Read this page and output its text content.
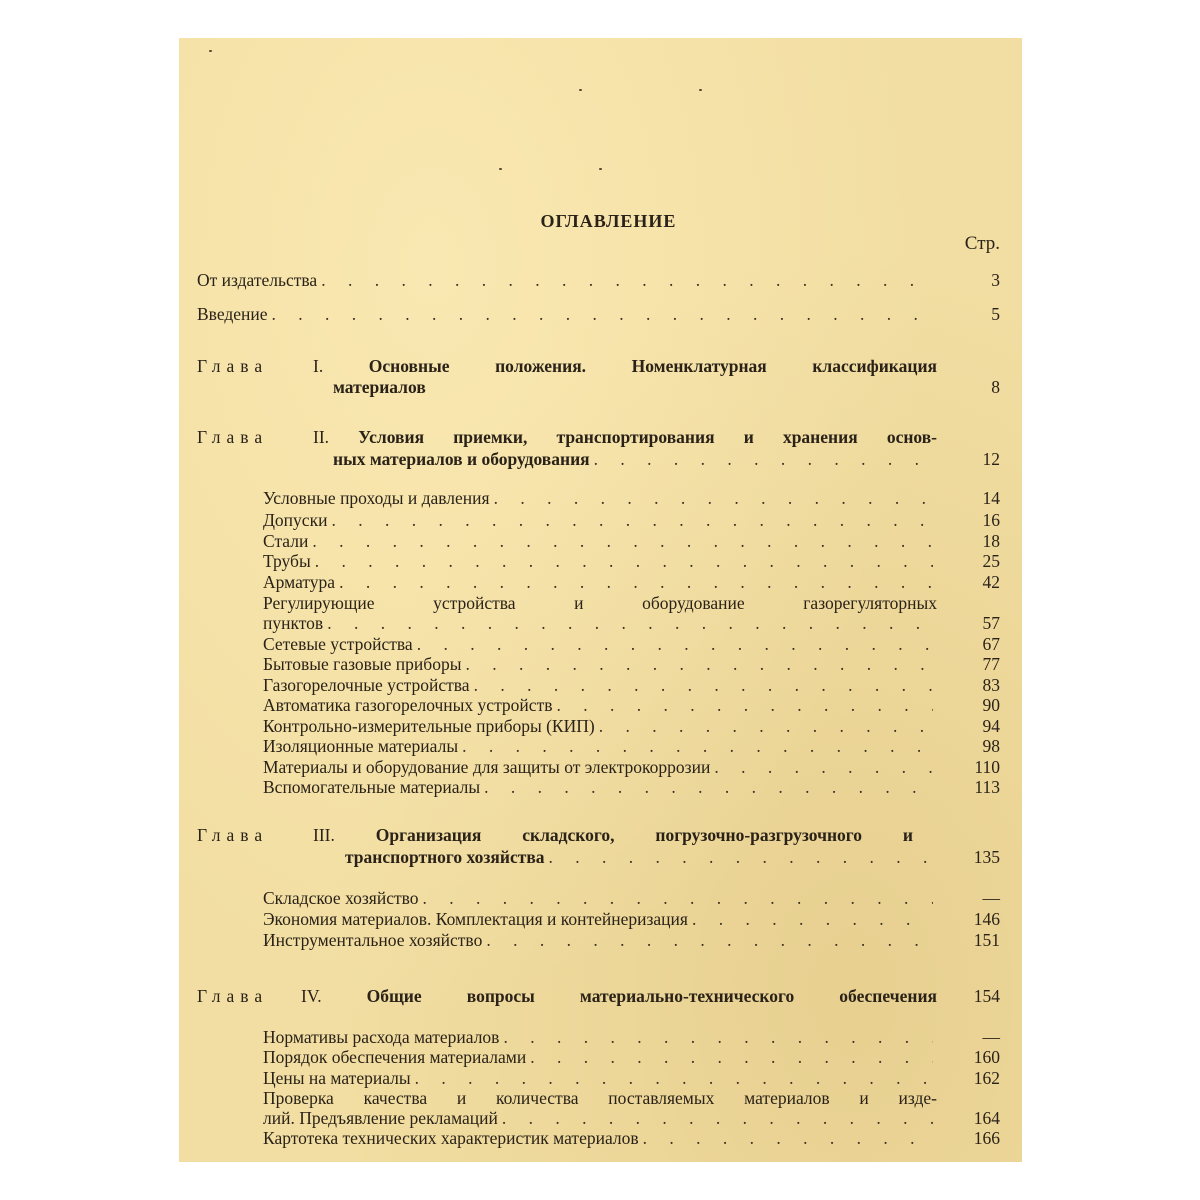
ОГЛАВЛЕНИЕ
Стр.
От издательства . . .	3
Введение . . .	5
Глава	I.	Основные положения. Номенклатурная классификация
материалов	8
Глава	II. Условия приемки, транспортирования и хранения основ-
ных материалов и оборудования . . .	12
Условные проходы и давления . . .	14
Допуски . . .	16
Стали . . .	18
Трубы . . .	25
Арматура . . .	42
Регулирующие устройства и оборудование газорегуляторных
пунктов . . .	57
Сетевые устройства . . .	67
Бытовые газовые приборы . . .	77
Газогорелочные устройства . . .	83
Автоматика газогорелочных устройств . . .	90
Контрольно-измерительные приборы (КИП) . . .	94
Изоляционные материалы . . .	98
Материалы и оборудование для защиты от электрокоррозии . . .	110
Вспомогательные материалы . . .	113
Глава	III. Организация складского, погрузочно-разгрузочного и
транспортного хозяйства . . .	135
Складское хозяйство . . .	—
Экономия материалов. Комплектация и контейнеризация . . .	146
Инструментальное хозяйство . . .	151
Глава IV.	Общие вопросы материально-технического обеспечения 154
Нормативы расхода материалов . . .	—
Порядок обеспечения материалами . . .	160
Цены на материалы . . .	162
Проверка качества и количества поставляемых материалов и изде-
лий. Предъявление рекламаций . . .	164
Картотека технических характеристик материалов . . .	166
